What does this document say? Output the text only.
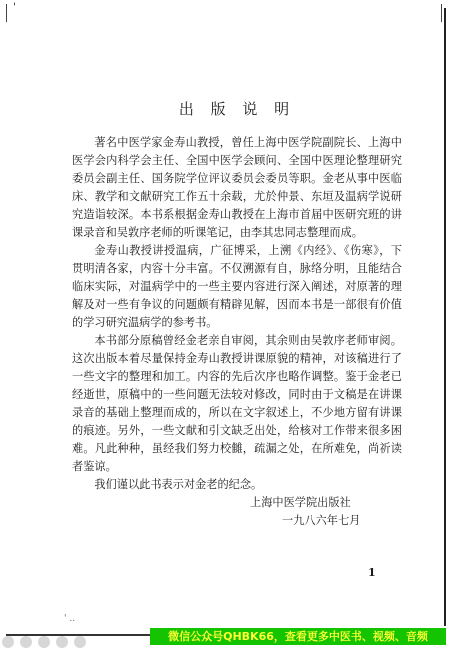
'
出 版 说 明

著名中医学家金寿山教授，曾任上海中医学院副院长、上海中医学会内科学会主任、全国中医学会顾问、全国中医理论整理研究委员会副主任、国务院学位评议委员会委员等职。金老从事中医临床、教学和文献研究工作五十余载，尤於仲景、东垣及温病学说研究造诣较深。本书系根据金寿山教授在上海市首届中医研究班的讲课录音和吴敦序老师的听课笔记，由李其忠同志整理而成。

金寿山教授讲授温病，广征博采，上溯《内经》、《伤寒》，下贯明清各家，内容十分丰富。不仅溯源有自，脉络分明，且能结合临床实际，对温病学中的一些主要内容进行深入阐述，对原著的理解及对一些有争议的问题颇有精辟见解，因而本书是一部很有价值的学习研究温病学的参考书。

本书部分原稿曾经金老亲自审阅，其余则由吴敦序老师审阅。这次出版本着尽量保持金寿山教授讲课原貌的精神，对该稿进行了一些文字的整理和加工。内容的先后次序也略作调整。鉴于金老已经逝世，原稿中的一些问题无法较对修改，同时由于文稿是在讲课录音的基础上整理而成的，所以在文字叙述上，不少地方留有讲课的痕迹。另外，一些文献和引文缺乏出处，给核对工作带来很多困难。凡此种种，虽经我们努力校雠，疏漏之处，在所难免，尚祈读者鉴谅。

我们谨以此书表示对金老的纪念。

上海中医学院出版社
一九八六年七月
1
' ..
微信公众号QHBK66，查看更多中医书、视频、音频
